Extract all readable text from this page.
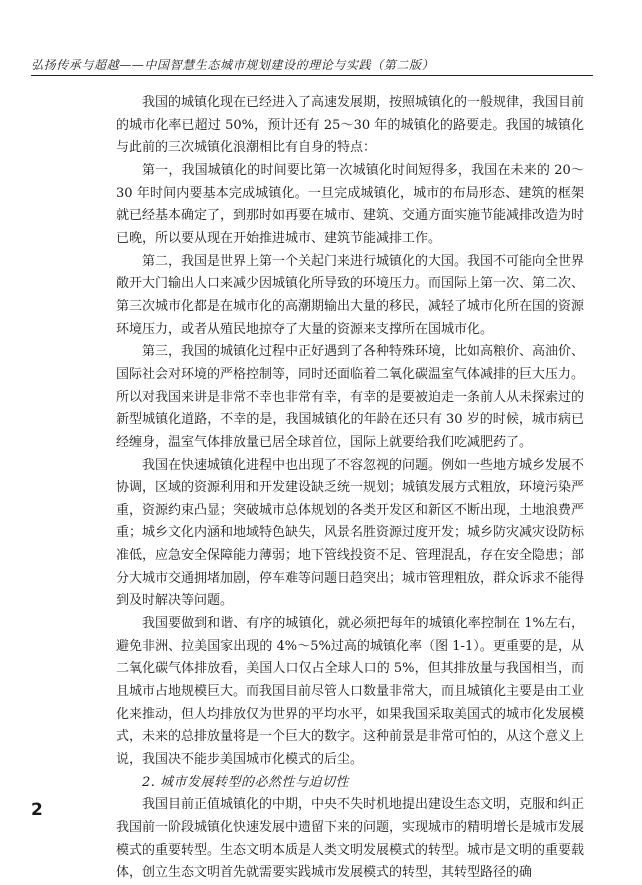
弘扬传承与超越——中国智慧生态城市规划建设的理论与实践（第二版）

我国的城镇化现在已经进入了高速发展期，按照城镇化的一般规律，我国目前的城市化率已超过 50%，预计还有 25～30 年的城镇化的路要走。我国的城镇化与此前的三次城镇化浪潮相比有自身的特点：

第一，我国城镇化的时间要比第一次城镇化时间短得多，我国在未来的 20～30 年时间内要基本完成城镇化。一旦完成城镇化，城市的布局形态、建筑的框架就已经基本确定了，到那时如再要在城市、建筑、交通方面实施节能减排改造为时已晚，所以要从现在开始推进城市、建筑节能减排工作。

第二，我国是世界上第一个关起门来进行城镇化的大国。我国不可能向全世界敞开大门输出人口来减少因城镇化所导致的环境压力。而国际上第一次、第二次、第三次城市化都是在城市化的高潮期输出大量的移民，减轻了城市化所在国的资源环境压力，或者从殖民地掠夺了大量的资源来支撑所在国城市化。

第三，我国的城镇化过程中正好遇到了各种特殊环境，比如高粮价、高油价、国际社会对环境的严格控制等，同时还面临着二氧化碳温室气体减排的巨大压力。所以对我国来讲是非常不幸也非常有幸，有幸的是要被迫走一条前人从未探索过的新型城镇化道路，不幸的是，我国城镇化的年龄在还只有 30 岁的时候，城市病已经缠身，温室气体排放量已居全球首位，国际上就要给我们吃减肥药了。

我国在快速城镇化进程中也出现了不容忽视的问题。例如一些地方城乡发展不协调，区域的资源利用和开发建设缺乏统一规划；城镇发展方式粗放，环境污染严重，资源约束凸显；突破城市总体规划的各类开发区和新区不断出现，土地浪费严重；城乡文化内涵和地域特色缺失，风景名胜资源过度开发；城乡防灾减灾设防标准低，应急安全保障能力薄弱；地下管线投资不足、管理混乱，存在安全隐患；部分大城市交通拥堵加剧，停车难等问题日趋突出；城市管理粗放，群众诉求不能得到及时解决等问题。

我国要做到和谐、有序的城镇化，就必须把每年的城镇化率控制在 1%左右，避免非洲、拉美国家出现的 4%～5%过高的城镇化率（图 1-1）。更重要的是，从二氧化碳气体排放看，美国人口仅占全球人口的 5%，但其排放量与我国相当，而且城市占地规模巨大。而我国目前尽管人口数量非常大，而且城镇化主要是由工业化来推动，但人均排放仅为世界的平均水平，如果我国采取美国式的城市化发展模式，未来的总排放量将是一个巨大的数字。这种前景是非常可怕的，从这个意义上说，我国决不能步美国城市化模式的后尘。

2. 城市发展转型的必然性与迫切性

我国目前正值城镇化的中期，中央不失时机地提出建设生态文明，克服和纠正我国前一阶段城镇化快速发展中遗留下来的问题，实现城市的精明增长是城市发展模式的重要转型。生态文明本质是人类文明发展模式的转型。城市是文明的重要载体，创立生态文明首先就需要实践城市发展模式的转型，其转型路径的确

2
